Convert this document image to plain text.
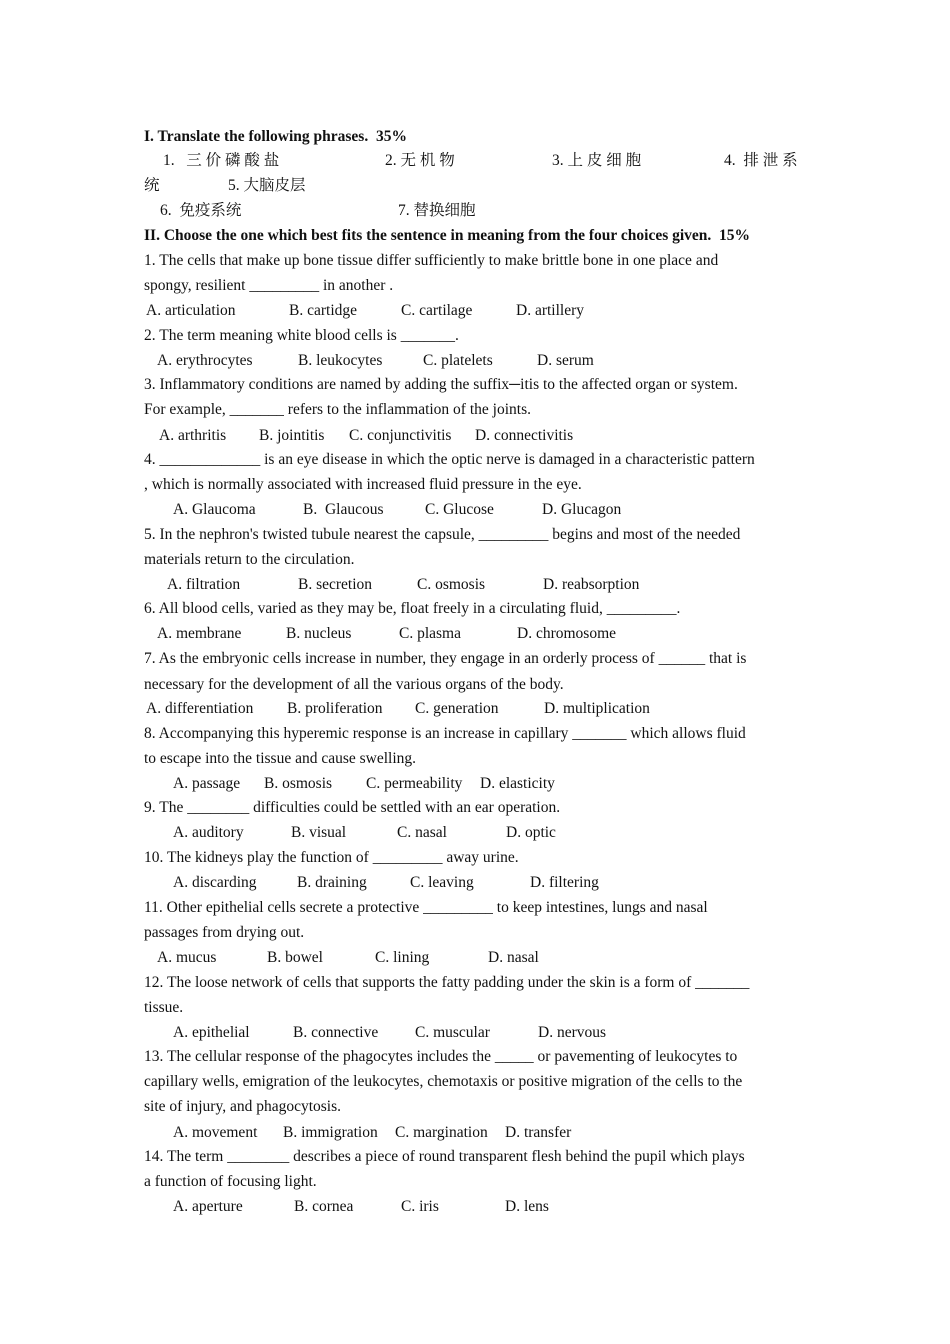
I. Translate the following phrases.  35%
1.   三 价 磷 酸 盐	2. 无 机 物	3. 上 皮 细 胞	4.  排 泄 系
统	5. 大脑皮层
6.  免疫系统	7. 替换细胞
II. Choose the one which best fits the sentence in meaning from the four choices given.  15%
1. The cells that make up bone tissue differ sufficiently to make brittle bone in one place and
spongy, resilient _________ in another .
A. articulation	B. cartidge	C. cartilage	D. artillery
2. The term meaning white blood cells is _______.
A. erythrocytes	B. leukocytes	C. platelets	D. serum
3. Inflammatory conditions are named by adding the suffix─itis to the affected organ or system.
For example, _______ refers to the inflammation of the joints.
A. arthritis B. jointitis C. conjunctivitis D. connectivitis
4. _____________ is an eye disease in which the optic nerve is damaged in a characteristic pattern
, which is normally associated with increased fluid pressure in the eye.
A. Glaucoma	B.  Glaucous	C. Glucose	D. Glucagon
5. In the nephron's twisted tubule nearest the capsule, _________ begins and most of the needed
materials return to the circulation.
A. filtration	B. secretion	C. osmosis	D. reabsorption
6. All blood cells, varied as they may be, float freely in a circulating fluid, _________.
A. membrane	B. nucleus	C. plasma	D. chromosome
7. As the embryonic cells increase in number, they engage in an orderly process of ______ that is
necessary for the development of all the various organs of the body.
A. differentiation B. proliferation C. generation	D. multiplication
8. Accompanying this hyperemic response is an increase in capillary _______ which allows fluid
to escape into the tissue and cause swelling.
A. passage B. osmosis C. permeability D. elasticity
9. The ________ difficulties could be settled with an ear operation.
A. auditory	B. visual	C. nasal	D. optic
10. The kidneys play the function of _________ away urine.
A. discarding	B. draining	C. leaving	D. filtering
11. Other epithelial cells secrete a protective _________ to keep intestines, lungs and nasal
passages from drying out.
A. mucus	B. bowel	C. lining	D. nasal
12. The loose network of cells that supports the fatty padding under the skin is a form of _______
tissue.
A. epithelial	B. connective C. muscular	D. nervous
13. The cellular response of the phagocytes includes the _____ or pavementing of leukocytes to
capillary wells, emigration of the leukocytes, chemotaxis or positive migration of the cells to the
site of injury, and phagocytosis.
A. movement B. immigration C. margination D. transfer
14. The term ________ describes a piece of round transparent flesh behind the pupil which plays
a function of focusing light.
A. aperture	B. cornea	C. iris	D. lens
